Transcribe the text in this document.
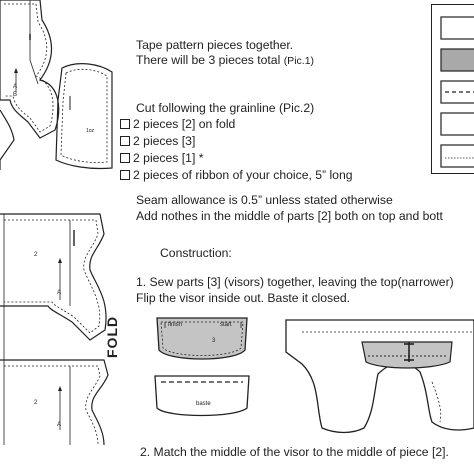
A
B
1oz
Tape pattern pieces together.
There will be 3 pieces total (Pic.1)
Cut following the grainline (Pic.2)
2 pieces [2] on fold
2 pieces [3]
2 pieces [1] *
2 pieces of ribbon of your choice, 5” long
Seam allowance is 0.5” unless stated otherwise
Add nothes in the middle of parts [2] both on top and bott
Construction:
1. Sew parts [3] (visors) together, leaving the top(narrower)
Flip the visor inside out. Baste it closed.
2. Match the middle of the visor to the middle of piece [2].
2
A
2
A
FOLD	finish	start
3
baste
